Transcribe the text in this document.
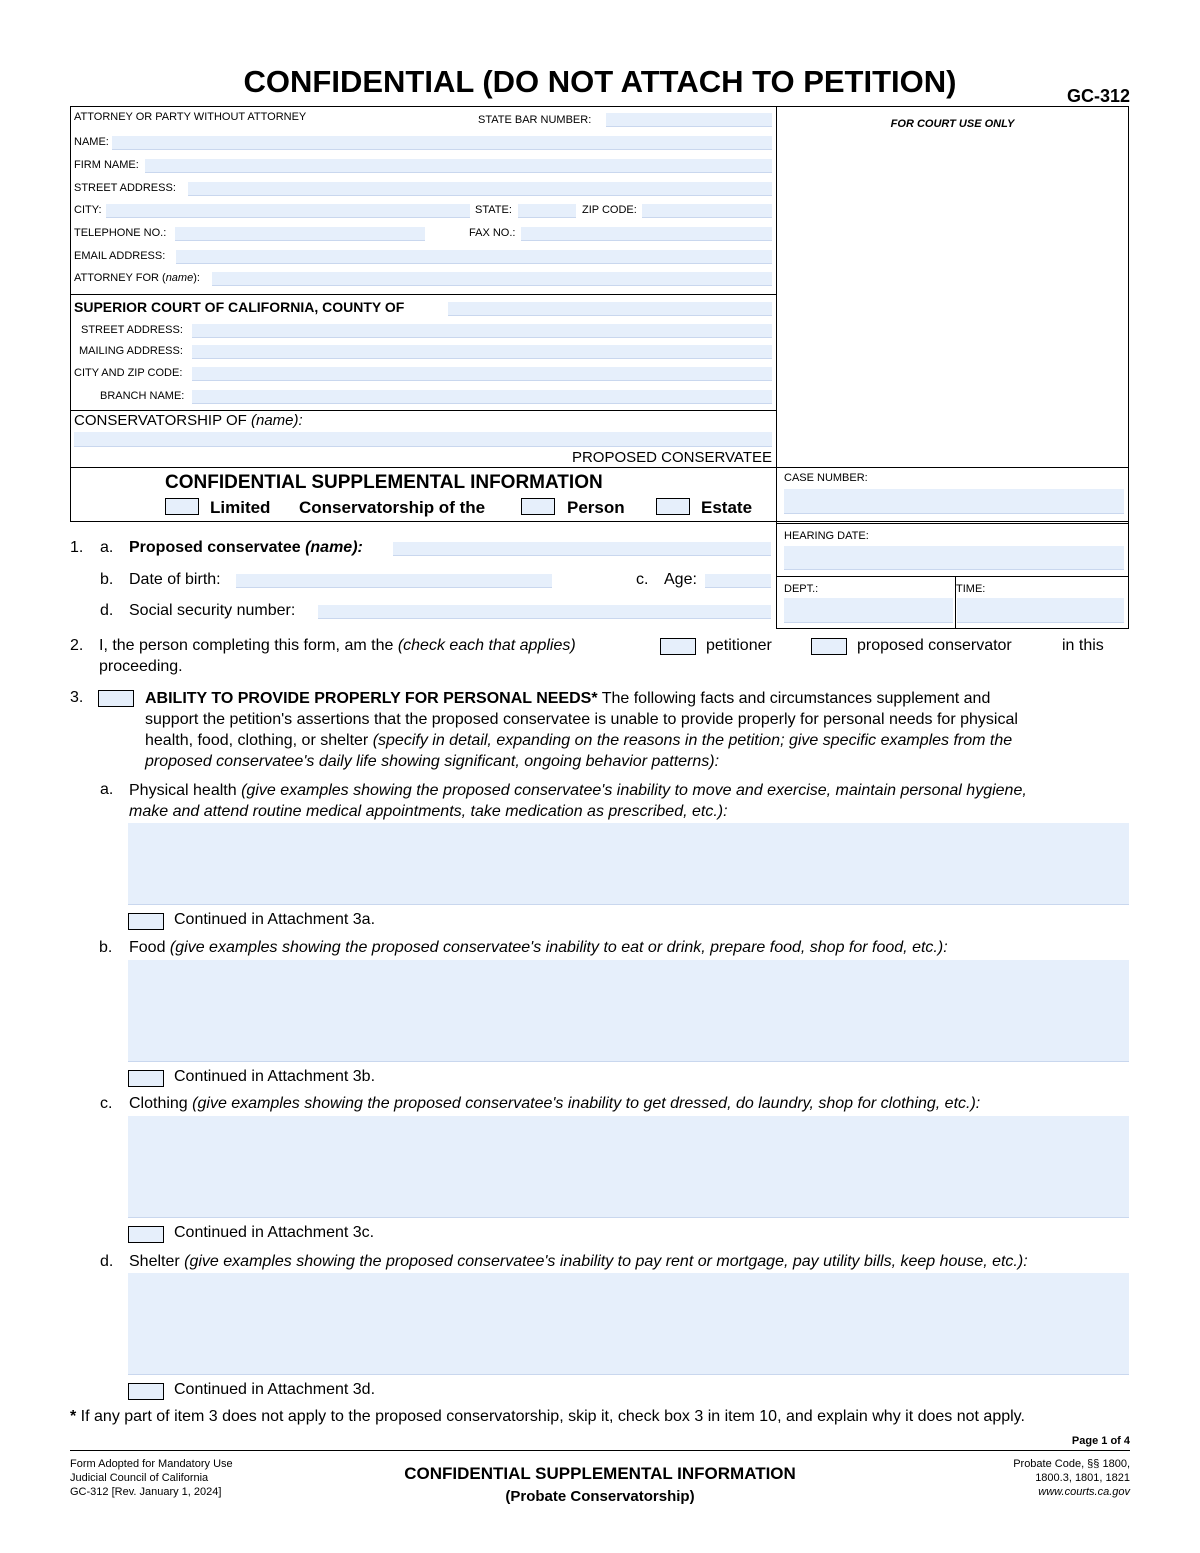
CONFIDENTIAL (DO NOT ATTACH TO PETITION)	GC-312
ATTORNEY OR PARTY WITHOUT ATTORNEY	STATE BAR NUMBER:
NAME:
FIRM NAME:
STREET ADDRESS:
CITY:	STATE:	ZIP CODE:
TELEPHONE NO.:	FAX NO.:
EMAIL ADDRESS:
ATTORNEY FOR (name):
SUPERIOR COURT OF CALIFORNIA, COUNTY OF
STREET ADDRESS:
MAILING ADDRESS:
CITY AND ZIP CODE:
BRANCH NAME:
CONSERVATORSHIP OF (name):
PROPOSED CONSERVATEE
CONFIDENTIAL SUPPLEMENTAL INFORMATION
Limited Conservatorship of the	Person	Estate
FOR COURT USE ONLY
CASE NUMBER:
HEARING DATE:
DEPT.:	TIME:
1. a. Proposed conservatee (name):
b. Date of birth:	c. Age:
d. Social security number:
2. I, the person completing this form, am the (check each that applies)	petitioner	proposed conservator	in this
proceeding.
3.	ABILITY TO PROVIDE PROPERLY FOR PERSONAL NEEDS* The following facts and circumstances supplement and
support the petition's assertions that the proposed conservatee is unable to provide properly for personal needs for physical
health, food, clothing, or shelter (specify in detail, expanding on the reasons in the petition; give specific examples from the
proposed conservatee's daily life showing significant, ongoing behavior patterns):
a. Physical health (give examples showing the proposed conservatee's inability to move and exercise, maintain personal hygiene,
make and attend routine medical appointments, take medication as prescribed, etc.):
Continued in Attachment 3a.
b. Food (give examples showing the proposed conservatee's inability to eat or drink, prepare food, shop for food, etc.):
Continued in Attachment 3b.
c. Clothing (give examples showing the proposed conservatee's inability to get dressed, do laundry, shop for clothing, etc.):
Continued in Attachment 3c.
d. Shelter (give examples showing the proposed conservatee's inability to pay rent or mortgage, pay utility bills, keep house, etc.):
Continued in Attachment 3d.
* If any part of item 3 does not apply to the proposed conservatorship, skip it, check box 3 in item 10, and explain why it does not apply.
Page 1 of 4
Form Adopted for Mandatory Use
Judicial Council of California
GC-312 [Rev. January 1, 2024]
CONFIDENTIAL SUPPLEMENTAL INFORMATION
(Probate Conservatorship)
Probate Code, §§ 1800,
1800.3, 1801, 1821
www.courts.ca.gov
